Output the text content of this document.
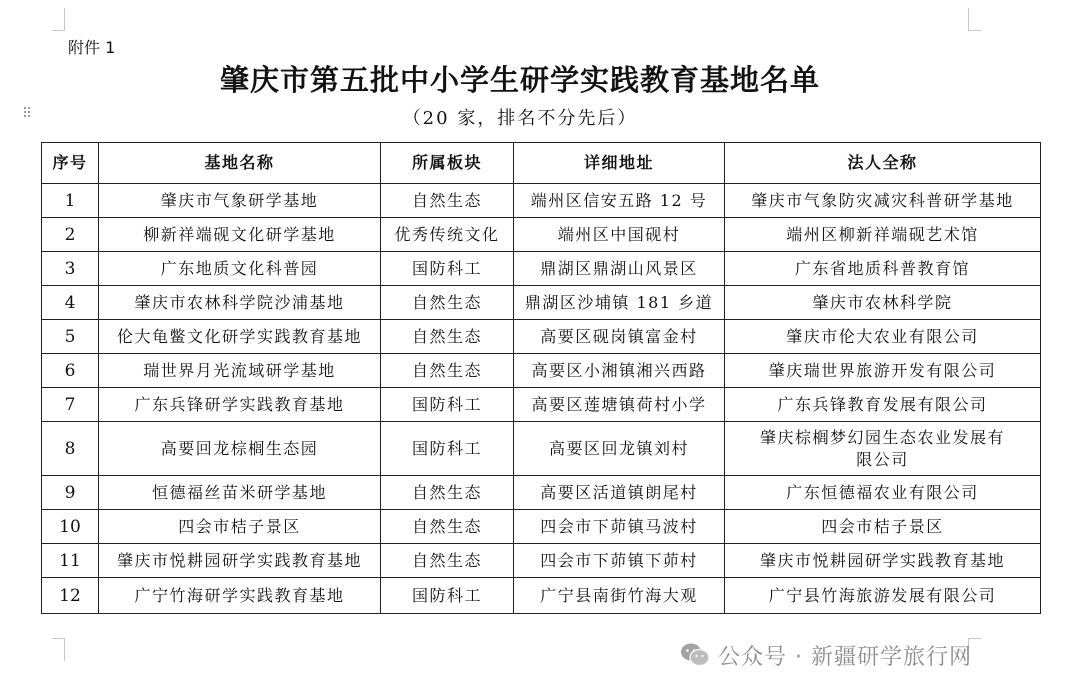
⠿
附件 1
肇庆市第五批中小学生研学实践教育基地名单
（20 家，排名不分先后）
序号	基地名称	所属板块	详细地址	法人全称
1	肇庆市气象研学基地	自然生态	端州区信安五路 12 号	肇庆市气象防灾减灾科普研学基地
2	柳新祥端砚文化研学基地	优秀传统文化	端州区中国砚村	端州区柳新祥端砚艺术馆
3	广东地质文化科普园	国防科工	鼎湖区鼎湖山风景区	广东省地质科普教育馆
4	肇庆市农林科学院沙浦基地	自然生态	鼎湖区沙埔镇 181 乡道	肇庆市农林科学院
5	伦大龟鳖文化研学实践教育基地	自然生态	高要区砚岗镇富金村	肇庆市伦大农业有限公司
6	瑞世界月光流域研学基地	自然生态	高要区小湘镇湘兴西路	肇庆瑞世界旅游开发有限公司
7	广东兵锋研学实践教育基地	国防科工	高要区莲塘镇荷村小学	广东兵锋教育发展有限公司
8	高要回龙棕榈生态园	国防科工	高要区回龙镇刘村	肇庆棕榈梦幻园生态农业发展有限公司
9	恒德福丝苗米研学基地	自然生态	高要区活道镇朗尾村	广东恒德福农业有限公司
10	四会市桔子景区	自然生态	四会市下茆镇马波村	四会市桔子景区
11	肇庆市悦耕园研学实践教育基地	自然生态	四会市下茆镇下茆村	肇庆市悦耕园研学实践教育基地
12	广宁竹海研学实践教育基地	国防科工	广宁县南街竹海大观	广宁县竹海旅游发展有限公司
公众号 · 新疆研学旅行网
